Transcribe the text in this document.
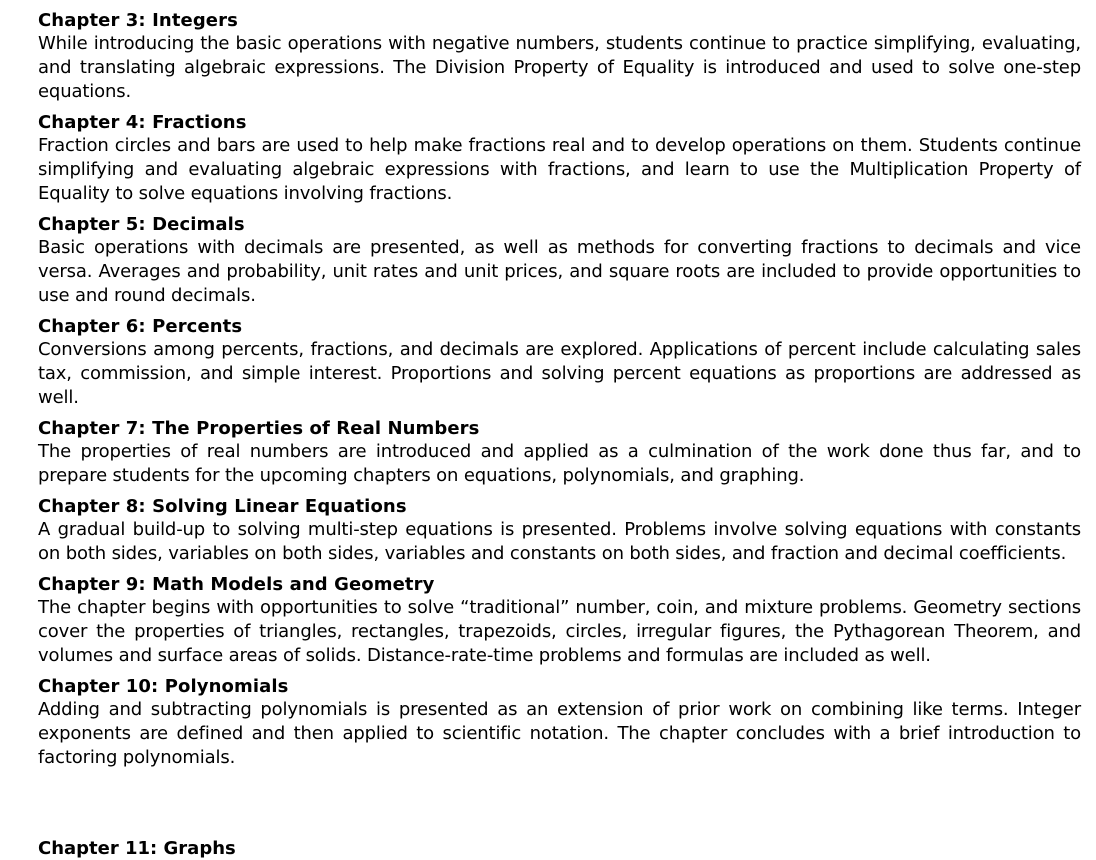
Chapter 3: Integers

While introducing the basic operations with negative numbers, students continue to practice simplifying, evaluating, and translating algebraic expressions. The Division Property of Equality is introduced and used to solve one-step equations.

Chapter 4: Fractions

Fraction circles and bars are used to help make fractions real and to develop operations on them. Students continue simplifying and evaluating algebraic expressions with fractions, and learn to use the Multiplication Property of Equality to solve equations involving fractions.

Chapter 5: Decimals

Basic operations with decimals are presented, as well as methods for converting fractions to decimals and vice versa. Averages and probability, unit rates and unit prices, and square roots are included to provide opportunities to use and round decimals.

Chapter 6: Percents

Conversions among percents, fractions, and decimals are explored. Applications of percent include calculating sales tax, commission, and simple interest. Proportions and solving percent equations as proportions are addressed as well.

Chapter 7: The Properties of Real Numbers

The properties of real numbers are introduced and applied as a culmination of the work done thus far, and to prepare students for the upcoming chapters on equations, polynomials, and graphing.

Chapter 8: Solving Linear Equations

A gradual build-up to solving multi-step equations is presented. Problems involve solving equations with constants on both sides, variables on both sides, variables and constants on both sides, and fraction and decimal coefficients.

Chapter 9: Math Models and Geometry

The chapter begins with opportunities to solve “traditional” number, coin, and mixture problems. Geometry sections cover the properties of triangles, rectangles, trapezoids, circles, irregular figures, the Pythagorean Theorem, and volumes and surface areas of solids. Distance-rate-time problems and formulas are included as well.

Chapter 10: Polynomials

Adding and subtracting polynomials is presented as an extension of prior work on combining like terms. Integer exponents are defined and then applied to scientific notation. The chapter concludes with a brief introduction to factoring polynomials.

Chapter 11: Graphs
